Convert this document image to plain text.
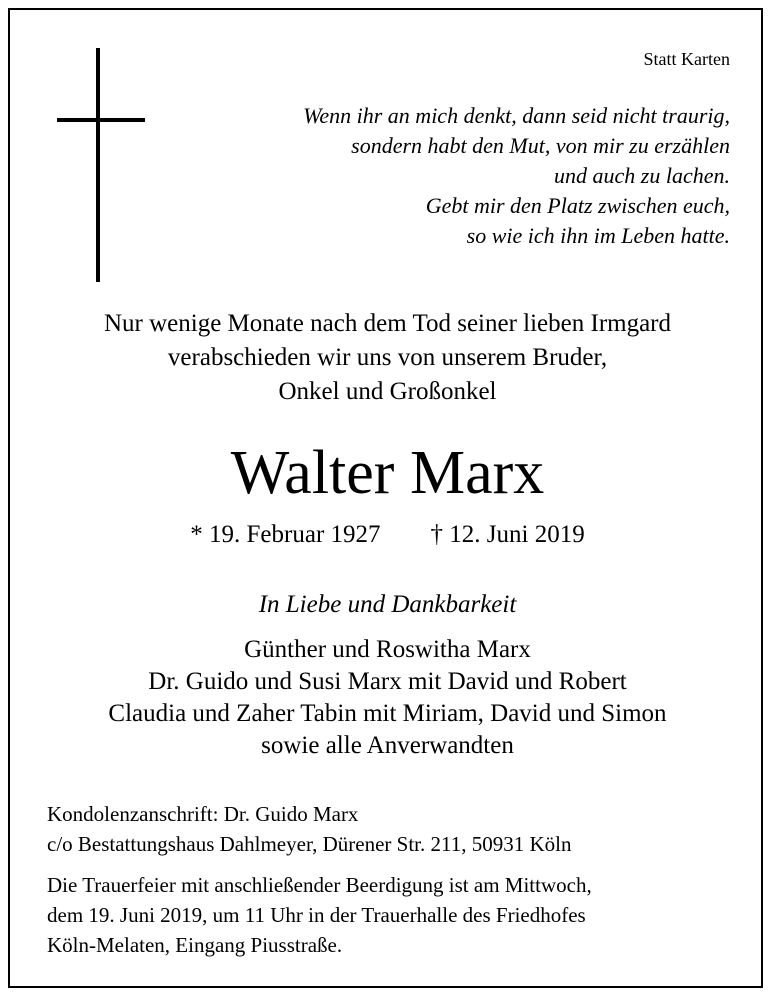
Statt Karten
Wenn ihr an mich denkt, dann seid nicht traurig,
sondern habt den Mut, von mir zu erzählen
und auch zu lachen.
Gebt mir den Platz zwischen euch,
so wie ich ihn im Leben hatte.
Nur wenige Monate nach dem Tod seiner lieben Irmgard
verabschieden wir uns von unserem Bruder,
Onkel und Großonkel
Walter Marx
* 19. Februar 1927 † 12. Juni 2019
In Liebe und Dankbarkeit
Günther und Roswitha Marx
Dr. Guido und Susi Marx mit David und Robert
Claudia und Zaher Tabin mit Miriam, David und Simon
sowie alle Anverwandten
Kondolenzanschrift: Dr. Guido Marx
c/o Bestattungshaus Dahlmeyer, Dürener Str. 211, 50931 Köln
Die Trauerfeier mit anschließender Beerdigung ist am Mittwoch,
dem 19. Juni 2019, um 11 Uhr in der Trauerhalle des Friedhofes
Köln-Melaten, Eingang Piusstraße.
